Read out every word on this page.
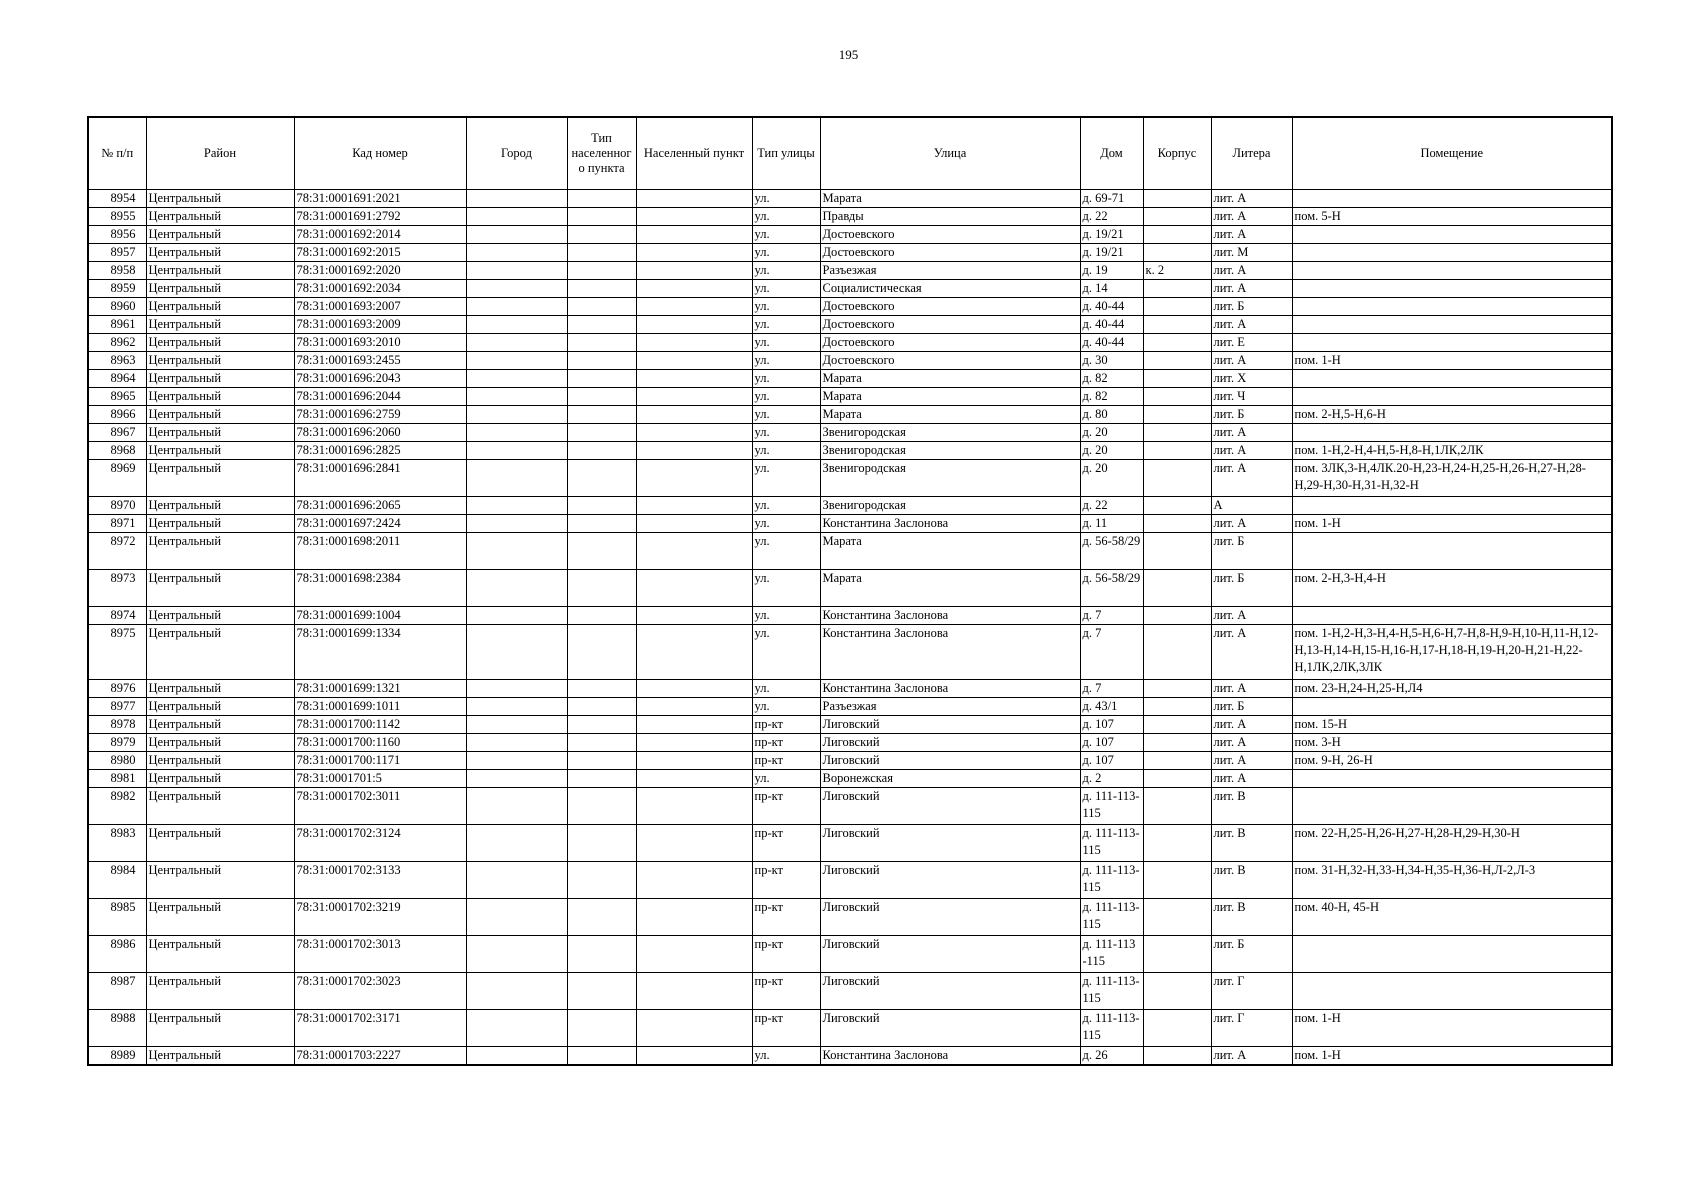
195
№ п/п	Район	Кад номер	Город	Тип населенного пункта	Населенный пункт	Тип улицы	Улица	Дом	Корпус	Литера	Помещение
8954	Центральный	78:31:0001691:2021				ул.	Марата	д. 69-71		лит. А	
8955	Центральный	78:31:0001691:2792				ул.	Правды	д. 22		лит. А	пом. 5-Н
8956	Центральный	78:31:0001692:2014				ул.	Достоевского	д. 19/21		лит. А	
8957	Центральный	78:31:0001692:2015				ул.	Достоевского	д. 19/21		лит. М	
8958	Центральный	78:31:0001692:2020				ул.	Разъезжая	д. 19	к. 2	лит. А	
8959	Центральный	78:31:0001692:2034				ул.	Социалистическая	д. 14		лит. А	
8960	Центральный	78:31:0001693:2007				ул.	Достоевского	д. 40-44		лит. Б	
8961	Центральный	78:31:0001693:2009				ул.	Достоевского	д. 40-44		лит. А	
8962	Центральный	78:31:0001693:2010				ул.	Достоевского	д. 40-44		лит. Е	
8963	Центральный	78:31:0001693:2455				ул.	Достоевского	д. 30		лит. А	пом. 1-Н
8964	Центральный	78:31:0001696:2043				ул.	Марата	д. 82		лит. Х	
8965	Центральный	78:31:0001696:2044				ул.	Марата	д. 82		лит. Ч	
8966	Центральный	78:31:0001696:2759				ул.	Марата	д. 80		лит. Б	пом. 2-Н,5-Н,6-Н
8967	Центральный	78:31:0001696:2060				ул.	Звенигородская	д. 20		лит. А	
8968	Центральный	78:31:0001696:2825				ул.	Звенигородская	д. 20		лит. А	пом. 1-Н,2-Н,4-Н,5-Н,8-Н,1ЛК,2ЛК
8969	Центральный	78:31:0001696:2841				ул.	Звенигородская	д. 20		лит. А	пом. 3ЛК,3-Н,4ЛК.20-Н,23-Н,24-Н,25-Н,26-Н,27-Н,28-Н,29-Н,30-Н,31-Н,32-Н
8970	Центральный	78:31:0001696:2065				ул.	Звенигородская	д. 22		А	
8971	Центральный	78:31:0001697:2424				ул.	Константина Заслонова	д. 11		лит. А	пом. 1-Н
8972	Центральный	78:31:0001698:2011				ул.	Марата	д. 56-58/29		лит. Б	
8973	Центральный	78:31:0001698:2384				ул.	Марата	д. 56-58/29		лит. Б	пом. 2-Н,3-Н,4-Н
8974	Центральный	78:31:0001699:1004				ул.	Константина Заслонова	д. 7		лит. А	
8975	Центральный	78:31:0001699:1334				ул.	Константина Заслонова	д. 7		лит. А	пом. 1-Н,2-Н,3-Н,4-Н,5-Н,6-Н,7-Н,8-Н,9-Н,10-Н,11-Н,12-Н,13-Н,14-Н,15-Н,16-Н,17-Н,18-Н,19-Н,20-Н,21-Н,22-Н,1ЛК,2ЛК,3ЛК
8976	Центральный	78:31:0001699:1321				ул.	Константина Заслонова	д. 7		лит. А	пом. 23-Н,24-Н,25-Н,Л4
8977	Центральный	78:31:0001699:1011				ул.	Разъезжая	д. 43/1		лит. Б	
8978	Центральный	78:31:0001700:1142				пр-кт	Лиговский	д. 107		лит. А	пом. 15-Н
8979	Центральный	78:31:0001700:1160				пр-кт	Лиговский	д. 107		лит. А	пом. 3-Н
8980	Центральный	78:31:0001700:1171				пр-кт	Лиговский	д. 107		лит. А	пом. 9-Н, 26-Н
8981	Центральный	78:31:0001701:5				ул.	Воронежская	д. 2		лит. А	
8982	Центральный	78:31:0001702:3011				пр-кт	Лиговский	д. 111-113-115		лит. В	
8983	Центральный	78:31:0001702:3124				пр-кт	Лиговский	д. 111-113-115		лит. В	пом. 22-Н,25-Н,26-Н,27-Н,28-Н,29-Н,30-Н
8984	Центральный	78:31:0001702:3133				пр-кт	Лиговский	д. 111-113-115		лит. В	пом. 31-Н,32-Н,33-Н,34-Н,35-Н,36-Н,Л-2,Л-3
8985	Центральный	78:31:0001702:3219				пр-кт	Лиговский	д. 111-113-115		лит. В	пом. 40-Н, 45-Н
8986	Центральный	78:31:0001702:3013				пр-кт	Лиговский	д. 111-113 -115		лит. Б	
8987	Центральный	78:31:0001702:3023				пр-кт	Лиговский	д. 111-113-115		лит. Г	
8988	Центральный	78:31:0001702:3171				пр-кт	Лиговский	д. 111-113-115		лит. Г	пом. 1-Н
8989	Центральный	78:31:0001703:2227				ул.	Константина Заслонова	д. 26		лит. А	пом. 1-Н
